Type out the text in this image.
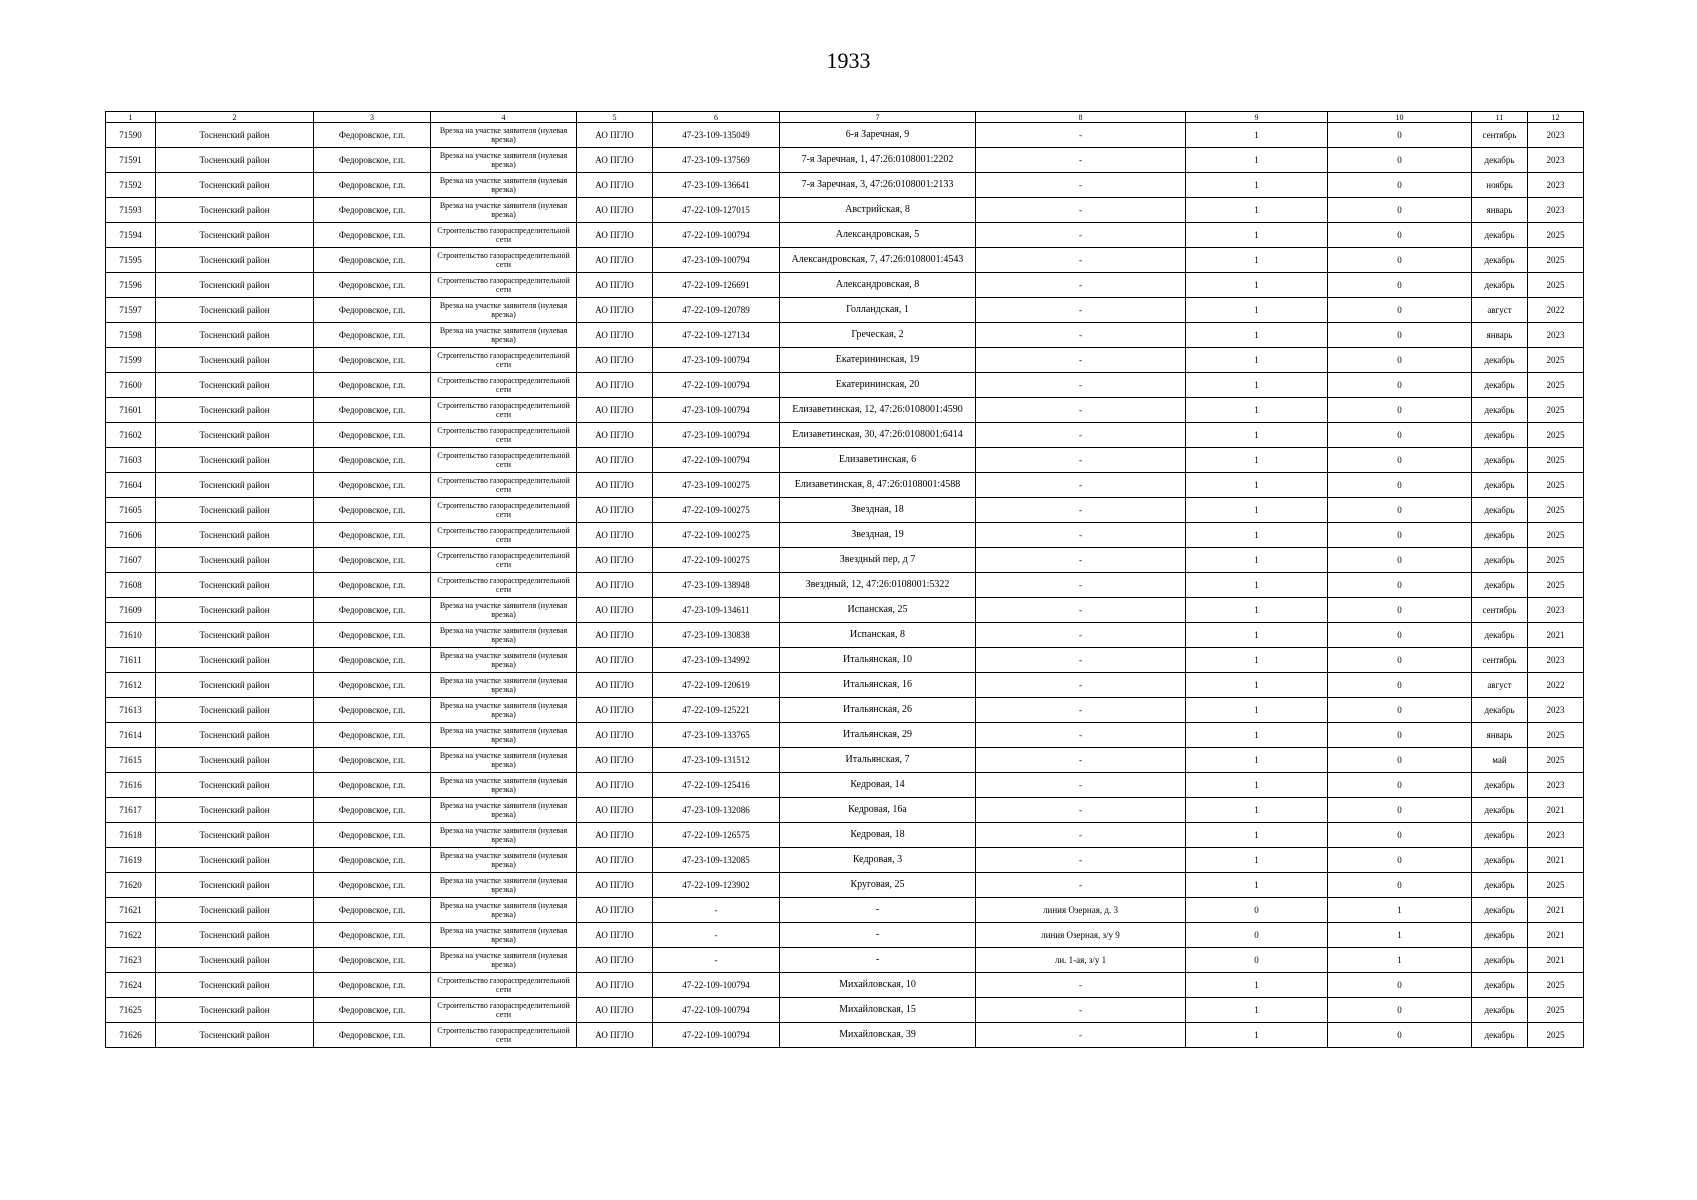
1933
1	2	3	4	5	6	7	8	9	10	11	12
71590	Тосненский район	Федоровское, г.п.	Врезка на участке заявителя (нулевая врезка)	АО ПГЛО	47-23-109-135049	6-я Заречная, 9	-	1	0	сентябрь	2023
71591	Тосненский район	Федоровское, г.п.	Врезка на участке заявителя (нулевая врезка)	АО ПГЛО	47-23-109-137569	7-я Заречная, 1, 47:26:0108001:2202	-	1	0	декабрь	2023
71592	Тосненский район	Федоровское, г.п.	Врезка на участке заявителя (нулевая врезка)	АО ПГЛО	47-23-109-136641	7-я Заречная, 3, 47:26:0108001:2133	-	1	0	ноябрь	2023
71593	Тосненский район	Федоровское, г.п.	Врезка на участке заявителя (нулевая врезка)	АО ПГЛО	47-22-109-127015	Австрийская, 8	-	1	0	январь	2023
71594	Тосненский район	Федоровское, г.п.	Строительство газораспределительной сети	АО ПГЛО	47-22-109-100794	Александровская, 5	-	1	0	декабрь	2025
71595	Тосненский район	Федоровское, г.п.	Строительство газораспределительной сети	АО ПГЛО	47-23-109-100794	Александровская, 7, 47:26:0108001:4543	-	1	0	декабрь	2025
71596	Тосненский район	Федоровское, г.п.	Строительство газораспределительной сети	АО ПГЛО	47-22-109-126691	Александровская, 8	-	1	0	декабрь	2025
71597	Тосненский район	Федоровское, г.п.	Врезка на участке заявителя (нулевая врезка)	АО ПГЛО	47-22-109-120789	Голландская, 1	-	1	0	август	2022
71598	Тосненский район	Федоровское, г.п.	Врезка на участке заявителя (нулевая врезка)	АО ПГЛО	47-22-109-127134	Греческая, 2	-	1	0	январь	2023
71599	Тосненский район	Федоровское, г.п.	Строительство газораспределительной сети	АО ПГЛО	47-23-109-100794	Екатерининская, 19	-	1	0	декабрь	2025
71600	Тосненский район	Федоровское, г.п.	Строительство газораспределительной сети	АО ПГЛО	47-22-109-100794	Екатерининская, 20	-	1	0	декабрь	2025
71601	Тосненский район	Федоровское, г.п.	Строительство газораспределительной сети	АО ПГЛО	47-23-109-100794	Елизаветинская, 12, 47:26:0108001:4590	-	1	0	декабрь	2025
71602	Тосненский район	Федоровское, г.п.	Строительство газораспределительной сети	АО ПГЛО	47-23-109-100794	Елизаветинская, 30, 47:26:0108001:6414	-	1	0	декабрь	2025
71603	Тосненский район	Федоровское, г.п.	Строительство газораспределительной сети	АО ПГЛО	47-22-109-100794	Елизаветинская, 6	-	1	0	декабрь	2025
71604	Тосненский район	Федоровское, г.п.	Строительство газораспределительной сети	АО ПГЛО	47-23-109-100275	Елизаветинская, 8, 47:26:0108001:4588	-	1	0	декабрь	2025
71605	Тосненский район	Федоровское, г.п.	Строительство газораспределительной сети	АО ПГЛО	47-22-109-100275	Звездная, 18	-	1	0	декабрь	2025
71606	Тосненский район	Федоровское, г.п.	Строительство газораспределительной сети	АО ПГЛО	47-22-109-100275	Звездная, 19	-	1	0	декабрь	2025
71607	Тосненский район	Федоровское, г.п.	Строительство газораспределительной сети	АО ПГЛО	47-22-109-100275	Звездный пер, д 7	-	1	0	декабрь	2025
71608	Тосненский район	Федоровское, г.п.	Строительство газораспределительной сети	АО ПГЛО	47-23-109-138948	Звездный, 12, 47:26:0108001:5322	-	1	0	декабрь	2025
71609	Тосненский район	Федоровское, г.п.	Врезка на участке заявителя (нулевая врезка)	АО ПГЛО	47-23-109-134611	Испанская, 25	-	1	0	сентябрь	2023
71610	Тосненский район	Федоровское, г.п.	Врезка на участке заявителя (нулевая врезка)	АО ПГЛО	47-23-109-130838	Испанская, 8	-	1	0	декабрь	2021
71611	Тосненский район	Федоровское, г.п.	Врезка на участке заявителя (нулевая врезка)	АО ПГЛО	47-23-109-134992	Итальянская, 10	-	1	0	сентябрь	2023
71612	Тосненский район	Федоровское, г.п.	Врезка на участке заявителя (нулевая врезка)	АО ПГЛО	47-22-109-120619	Итальянская, 16	-	1	0	август	2022
71613	Тосненский район	Федоровское, г.п.	Врезка на участке заявителя (нулевая врезка)	АО ПГЛО	47-22-109-125221	Итальянская, 26	-	1	0	декабрь	2023
71614	Тосненский район	Федоровское, г.п.	Врезка на участке заявителя (нулевая врезка)	АО ПГЛО	47-23-109-133765	Итальянская, 29	-	1	0	январь	2025
71615	Тосненский район	Федоровское, г.п.	Врезка на участке заявителя (нулевая врезка)	АО ПГЛО	47-23-109-131512	Итальянская, 7	-	1	0	май	2025
71616	Тосненский район	Федоровское, г.п.	Врезка на участке заявителя (нулевая врезка)	АО ПГЛО	47-22-109-125416	Кедровая, 14	-	1	0	декабрь	2023
71617	Тосненский район	Федоровское, г.п.	Врезка на участке заявителя (нулевая врезка)	АО ПГЛО	47-23-109-132086	Кедровая, 16а	-	1	0	декабрь	2021
71618	Тосненский район	Федоровское, г.п.	Врезка на участке заявителя (нулевая врезка)	АО ПГЛО	47-22-109-126575	Кедровая, 18	-	1	0	декабрь	2023
71619	Тосненский район	Федоровское, г.п.	Врезка на участке заявителя (нулевая врезка)	АО ПГЛО	47-23-109-132085	Кедровая, 3	-	1	0	декабрь	2021
71620	Тосненский район	Федоровское, г.п.	Врезка на участке заявителя (нулевая врезка)	АО ПГЛО	47-22-109-123902	Круговая, 25	-	1	0	декабрь	2025
71621	Тосненский район	Федоровское, г.п.	Врезка на участке заявителя (нулевая врезка)	АО ПГЛО	-	-	линия Озерная, д. 3	0	1	декабрь	2021
71622	Тосненский район	Федоровское, г.п.	Врезка на участке заявителя (нулевая врезка)	АО ПГЛО	-	-	линия Озерная, з/у 9	0	1	декабрь	2021
71623	Тосненский район	Федоровское, г.п.	Врезка на участке заявителя (нулевая врезка)	АО ПГЛО	-	-	ли. 1-ая, з/у 1	0	1	декабрь	2021
71624	Тосненский район	Федоровское, г.п.	Строительство газораспределительной сети	АО ПГЛО	47-22-109-100794	Михайловская, 10	-	1	0	декабрь	2025
71625	Тосненский район	Федоровское, г.п.	Строительство газораспределительной сети	АО ПГЛО	47-22-109-100794	Михайловская, 15	-	1	0	декабрь	2025
71626	Тосненский район	Федоровское, г.п.	Строительство газораспределительной сети	АО ПГЛО	47-22-109-100794	Михайловская, 39	-	1	0	декабрь	2025
